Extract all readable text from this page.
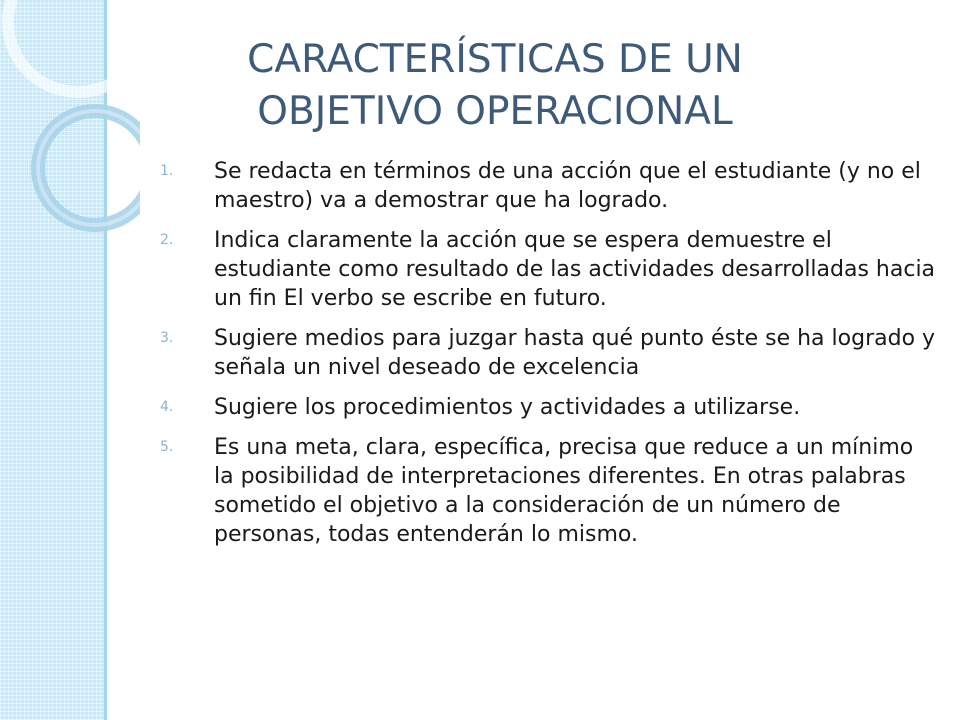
CARACTERÍSTICAS DE UN OBJETIVO OPERACIONAL
1. Se redacta en términos de una acción que el estudiante (y no el maestro) va a demostrar que ha logrado.
2. Indica claramente la acción que se espera demuestre el estudiante como resultado de las actividades desarrolladas hacia un fin El verbo se escribe en futuro.
3. Sugiere medios para juzgar hasta qué punto éste se ha logrado y señala un nivel deseado de excelencia
4. Sugiere los procedimientos y actividades a utilizarse.
5. Es una meta, clara, específica, precisa que reduce a un mínimo la posibilidad de interpretaciones diferentes. En otras palabras sometido el objetivo a la consideración de un número de personas, todas entenderán lo mismo.
